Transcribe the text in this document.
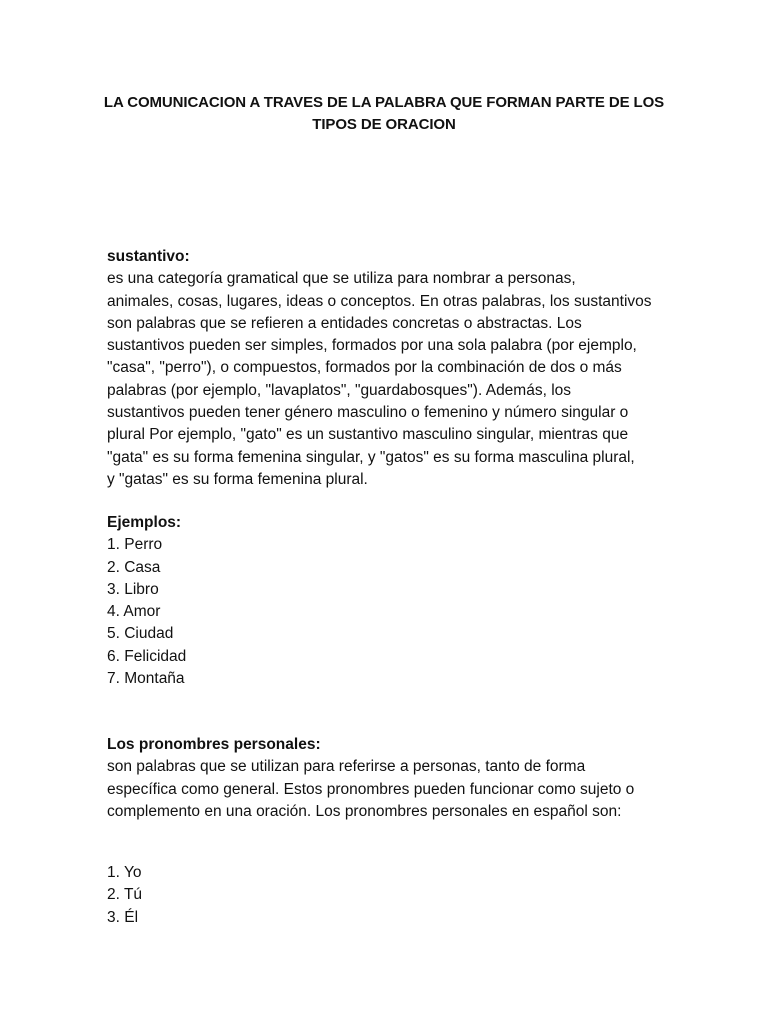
LA COMUNICACION A TRAVES DE LA PALABRA QUE FORMAN PARTE DE LOS
TIPOS DE ORACION
sustantivo:
es una categoría gramatical que se utiliza para nombrar a personas,
animales, cosas, lugares, ideas o conceptos. En otras palabras, los sustantivos
son palabras que se refieren a entidades concretas o abstractas. Los
sustantivos pueden ser simples, formados por una sola palabra (por ejemplo,
"casa", "perro"), o compuestos, formados por la combinación de dos o más
palabras (por ejemplo, "lavaplatos", "guardabosques"). Además, los
sustantivos pueden tener género masculino o femenino y número singular o
plural Por ejemplo, "gato" es un sustantivo masculino singular, mientras que
"gata" es su forma femenina singular, y "gatos" es su forma masculina plural,
y "gatas" es su forma femenina plural.
Ejemplos:
1. Perro
2. Casa
3. Libro
4. Amor
5. Ciudad
6. Felicidad
7. Montaña
Los pronombres personales:
son palabras que se utilizan para referirse a personas, tanto de forma
específica como general. Estos pronombres pueden funcionar como sujeto o
complemento en una oración. Los pronombres personales en español son:
1. Yo
2. Tú
3. Él
